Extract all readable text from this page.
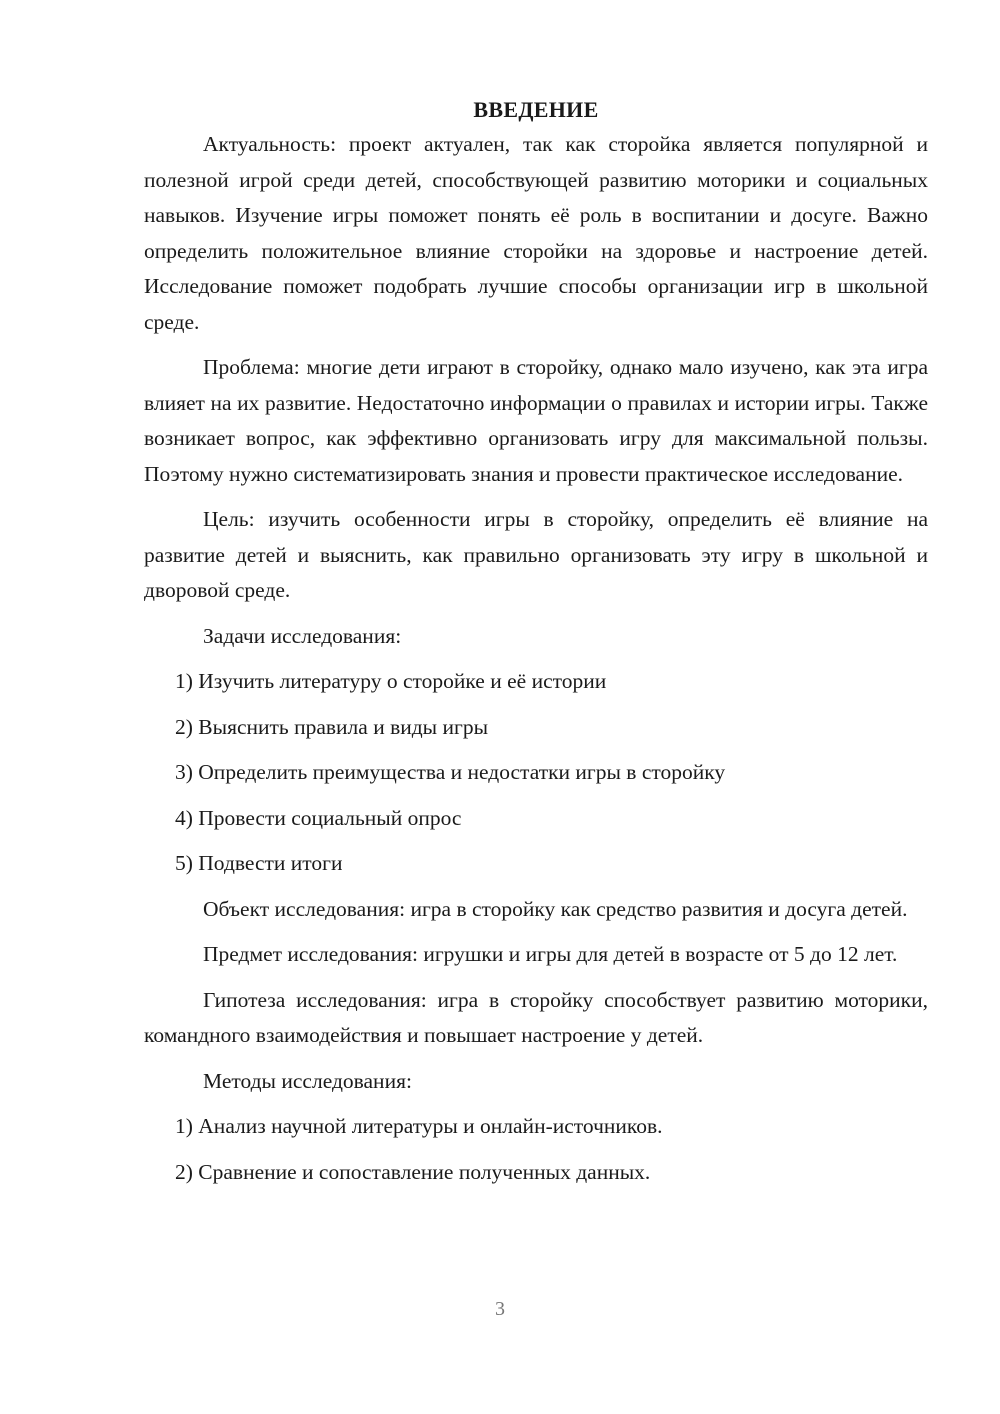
ВВЕДЕНИЕ

Актуальность: проект актуален, так как сторойка является популярной и полезной игрой среди детей, способствующей развитию моторики и социальных навыков. Изучение игры поможет понять её роль в воспитании и досуге. Важно определить положительное влияние сторойки на здоровье и настроение детей. Исследование поможет подобрать лучшие способы организации игр в школьной среде.

Проблема: многие дети играют в сторойку, однако мало изучено, как эта игра влияет на их развитие. Недостаточно информации о правилах и истории игры. Также возникает вопрос, как эффективно организовать игру для максимальной пользы. Поэтому нужно систематизировать знания и провести практическое исследование.

Цель: изучить особенности игры в сторойку, определить её влияние на развитие детей и выяснить, как правильно организовать эту игру в школьной и дворовой среде.

Задачи исследования:
1) Изучить литературу о сторойке и её истории
2) Выяснить правила и виды игры
3) Определить преимущества и недостатки игры в сторойку
4) Провести социальный опрос
5) Подвести итоги

Объект исследования: игра в сторойку как средство развития и досуга детей.

Предмет исследования: игрушки и игры для детей в возрасте от 5 до 12 лет.

Гипотеза исследования: игра в сторойку способствует развитию моторики, командного взаимодействия и повышает настроение у детей.

Методы исследования:
1) Анализ научной литературы и онлайн-источников.
2) Сравнение и сопоставление полученных данных.
3
